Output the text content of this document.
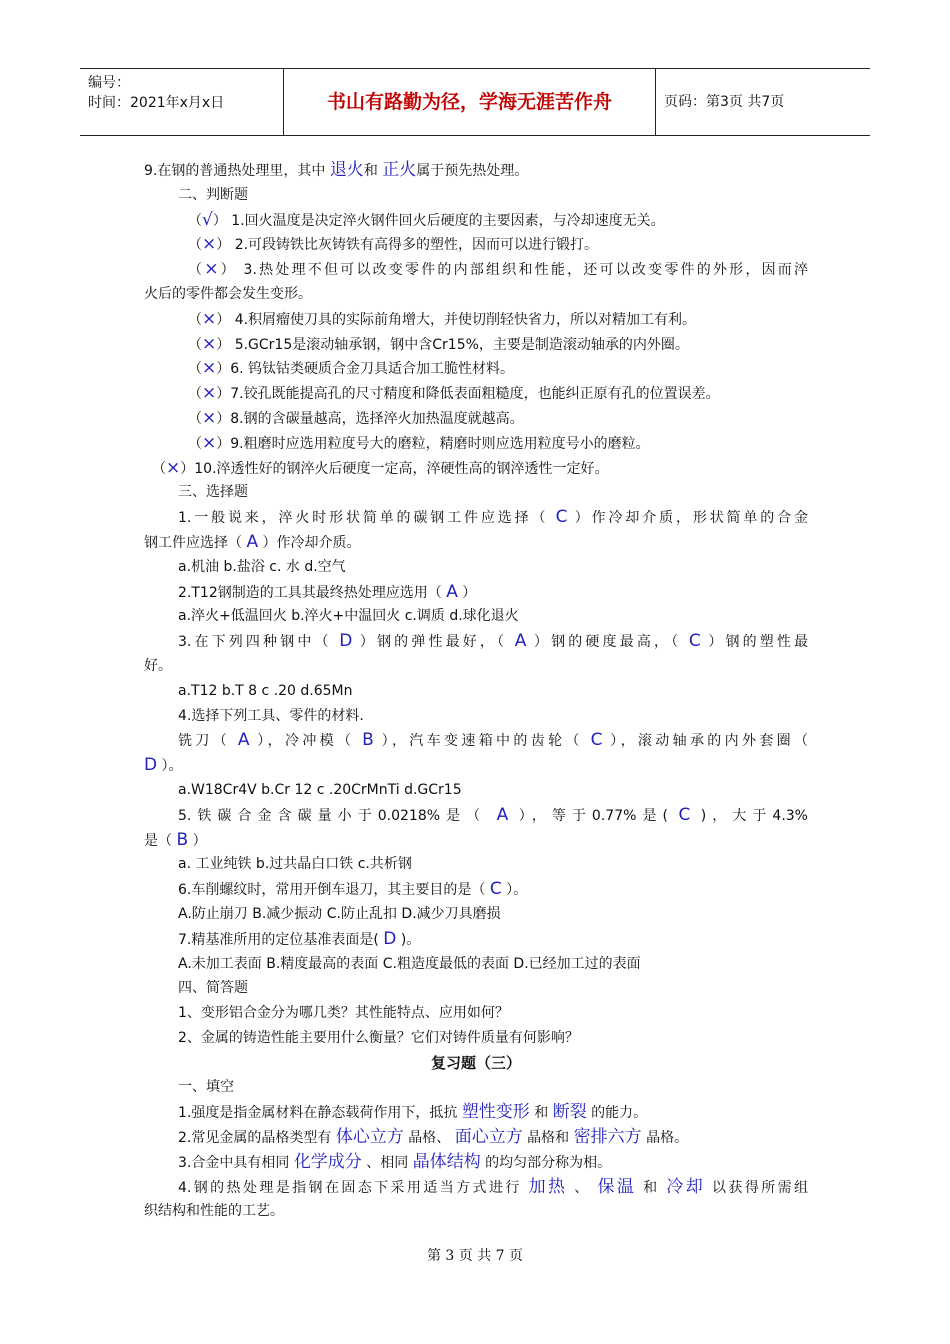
编号：
时间：2021年x月x日	书山有路勤为径，学海无涯苦作舟	页码：第3页 共7页
9.在钢的普通热处理里，其中 退火和 正火属于预先热处理。
二、判断题
（√） 1.回火温度是决定淬火钢件回火后硬度的主要因素，与冷却速度无关。
（×） 2.可段铸铁比灰铸铁有高得多的塑性，因而可以进行锻打。
（×） 3.热处理不但可以改变零件的内部组织和性能，还可以改变零件的外形，因而淬
火后的零件都会发生变形。
（×） 4.积屑瘤使刀具的实际前角增大，并使切削轻快省力，所以对精加工有利。
（×） 5.GCr15是滚动轴承钢，钢中含Cr15%，主要是制造滚动轴承的内外圈。
（×）6. 钨钛钴类硬质合金刀具适合加工脆性材料。
（×）7.铰孔既能提高孔的尺寸精度和降低表面粗糙度，也能纠正原有孔的位置误差。
（×）8.钢的含碳量越高，选择淬火加热温度就越高。
（×）9.粗磨时应选用粒度号大的磨粒，精磨时则应选用粒度号小的磨粒。
（×）10.淬透性好的钢淬火后硬度一定高，淬硬性高的钢淬透性一定好。
三、选择题
1.一般说来，淬火时形状简单的碳钢工件应选择（ C ）作冷却介质，形状简单的合金
钢工件应选择（ A ）作冷却介质。
a.机油 b.盐浴 c. 水 d.空气
2.T12钢制造的工具其最终热处理应选用（ A ）
a.淬火+低温回火 b.淬火+中温回火 c.调质 d.球化退火
3.在下列四种钢中（ D ）钢的弹性最好，（ A ）钢的硬度最高，（ C ）钢的塑性最
好。
a.T12 b.T 8 c .20 d.65Mn
4.选择下列工具、零件的材料.
铣刀（ A ），冷冲模（ B ），汽车变速箱中的齿轮（ C ），滚动轴承的内外套圈（
D ）。
a.W18Cr4V b.Cr 12 c .20CrMnTi d.GCr15
5.铁碳合金含碳量小于0.0218%是（ A ），等于0.77%是( C )，大于4.3%
是（ B ）
a. 工业纯铁 b.过共晶白口铁 c.共析钢
6.车削螺纹时，常用开倒车退刀，其主要目的是（ C ）。
A.防止崩刀 B.减少振动 C.防止乱扣 D.减少刀具磨损
7.精基准所用的定位基准表面是( D )。
A.未加工表面 B.精度最高的表面 C.粗造度最低的表面 D.已经加工过的表面
四、简答题
1、变形铝合金分为哪几类？其性能特点、应用如何？
2、金属的铸造性能主要用什么衡量？它们对铸件质量有何影响？
复习题（三）
一、填空
1.强度是指金属材料在静态载荷作用下，抵抗 塑性变形 和 断裂 的能力。
2.常见金属的晶格类型有 体心立方 晶格、 面心立方 晶格和 密排六方 晶格。
3.合金中具有相同 化学成分 、相同 晶体结构 的均匀部分称为相。
4.钢的热处理是指钢在固态下采用适当方式进行 加热 、 保温 和 冷却 以获得所需组
织结构和性能的工艺。
第 3 页 共 7 页
